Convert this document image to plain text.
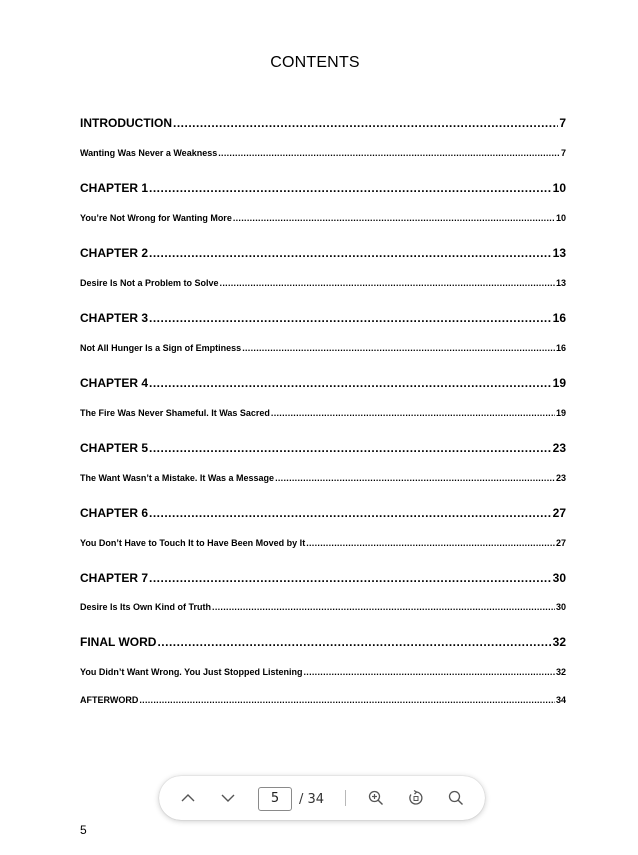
CONTENTS
INTRODUCTION .....	7
Wanting Was Never a Weakness .....	7
CHAPTER 1 .....	10
You’re Not Wrong for Wanting More .....	10
CHAPTER 2 .....	13
Desire Is Not a Problem to Solve .....	13
CHAPTER 3 .....	16
Not All Hunger Is a Sign of Emptiness .....	16
CHAPTER 4 .....	19
The Fire Was Never Shameful. It Was Sacred .....	19
CHAPTER 5 .....	23
The Want Wasn’t a Mistake. It Was a Message .....	23
CHAPTER 6 .....	27
You Don’t Have to Touch It to Have Been Moved by It .....	27
CHAPTER 7 .....	30
Desire Is Its Own Kind of Truth .....	30
FINAL WORD .....	32
You Didn’t Want Wrong. You Just Stopped Listening .....	32
AFTERWORD .....	34
5
5	/ 34
